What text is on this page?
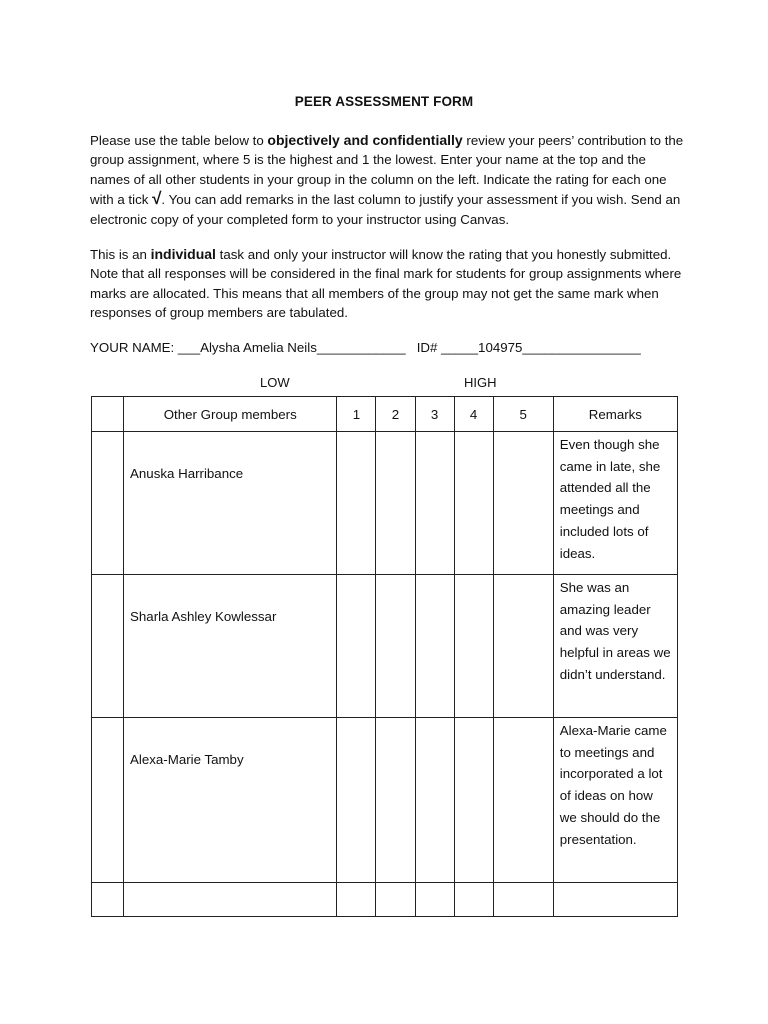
PEER ASSESSMENT FORM

Please use the table below to objectively and confidentially review your peers’ contribution to the group assignment, where 5 is the highest and 1 the lowest. Enter your name at the top and the names of all other students in your group in the column on the left. Indicate the rating for each one with a tick √. You can add remarks in the last column to justify your assessment if you wish. Send an electronic copy of your completed form to your instructor using Canvas.

This is an individual task and only your instructor will know the rating that you honestly submitted. Note that all responses will be considered in the final mark for students for group assignments where marks are allocated. This means that all members of the group may not get the same mark when responses of group members are tabulated.

YOUR NAME: ___Alysha Amelia Neils____________   ID# _____104975________________
LOW	HIGH
	Other Group members	1	2	3	4	5	Remarks

	Anuska Harribance						Even though she came in late, she attended all the meetings and included lots of ideas.

	Sharla Ashley Kowlessar						She was an amazing leader and was very helpful in areas we didn’t understand.

	Alexa-Marie Tamby						Alexa-Marie came to meetings and incorporated a lot of ideas on how we should do the presentation.
